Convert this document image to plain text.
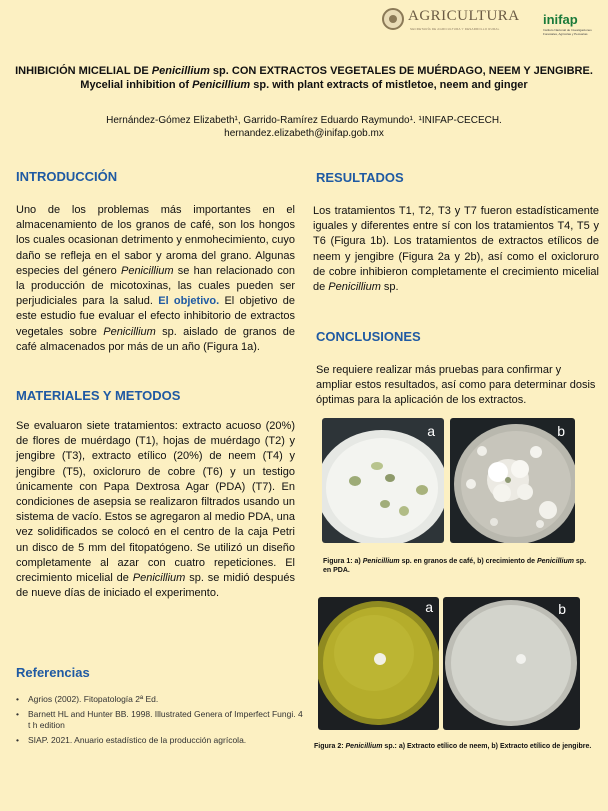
AGRICULTURA
SECRETARÍA DE AGRICULTURA Y DESARROLLO RURAL
inifap
Instituto Nacional de Investigaciones Forestales, Agrícolas y Pecuarias
INHIBICIÓN MICELIAL DE Penicillium sp. CON EXTRACTOS VEGETALES DE MUÉRDAGO, NEEM Y JENGIBRE.
Mycelial inhibition of Penicillium sp. with plant extracts of mistletoe, neem and ginger
Hernández-Gómez Elizabeth¹, Garrido-Ramírez Eduardo Raymundo¹. ¹INIFAP-CECECH.
hernandez.elizabeth@inifap.gob.mx
INTRODUCCIÓN
Uno de los problemas más importantes en el almacenamiento de los granos de café, son los hongos los cuales ocasionan detrimento y enmohecimiento, cuyo daño se refleja en el sabor y aroma del grano. Algunas especies del género Penicillium se han relacionado con la producción de micotoxinas, las cuales pueden ser perjudiciales para la salud. El objetivo. El objetivo de este estudio fue evaluar el efecto inhibitorio de extractos vegetales sobre Penicillium sp. aislado de granos de café almacenados por más de un año (Figura 1a).
MATERIALES Y METODOS
Se evaluaron siete tratamientos: extracto acuoso (20%) de flores de muérdago (T1), hojas de muérdago (T2) y jengibre (T3), extracto etílico (20%) de neem (T4) y jengibre (T5), oxicloruro de cobre (T6) y un testigo únicamente con Papa Dextrosa Agar (PDA) (T7). En condiciones de asepsia se realizaron filtrados usando un sistema de vacío. Estos se agregaron al medio PDA, una vez solidificados se colocó en el centro de la caja Petri un disco de 5 mm del fitopatógeno. Se utilizó un diseño completamente al azar con cuatro repeticiones. El crecimiento micelial de Penicillium sp. se midió después de nueve días de iniciado el experimento.
Referencias
• Agrios (2002). Fitopatología 2ª Ed.
• Barnett HL and Hunter BB. 1998. Illustrated Genera of Imperfect Fungi. 4 t h edition
• SIAP. 2021. Anuario estadístico de la producción agrícola.
RESULTADOS
Los tratamientos T1, T2, T3 y T7 fueron estadísticamente iguales y diferentes entre sí con los tratamientos T4, T5 y T6 (Figura 1b). Los tratamientos de extractos etílicos de neem y jengibre (Figura 2a y 2b), así como el oxicloruro de cobre inhibieron completamente el crecimiento micelial de Penicillium sp.
CONCLUSIONES
Se requiere realizar más pruebas para confirmar y ampliar estos resultados, así como para determinar dosis óptimas para la aplicación de los extractos.
a	b
Figura 1: a) Penicillium sp. en granos de café, b) crecimiento de Penicillium sp. en PDA.
a	b
Figura 2: Penicillium sp.: a) Extracto etílico de neem, b) Extracto etílico de jengibre.
